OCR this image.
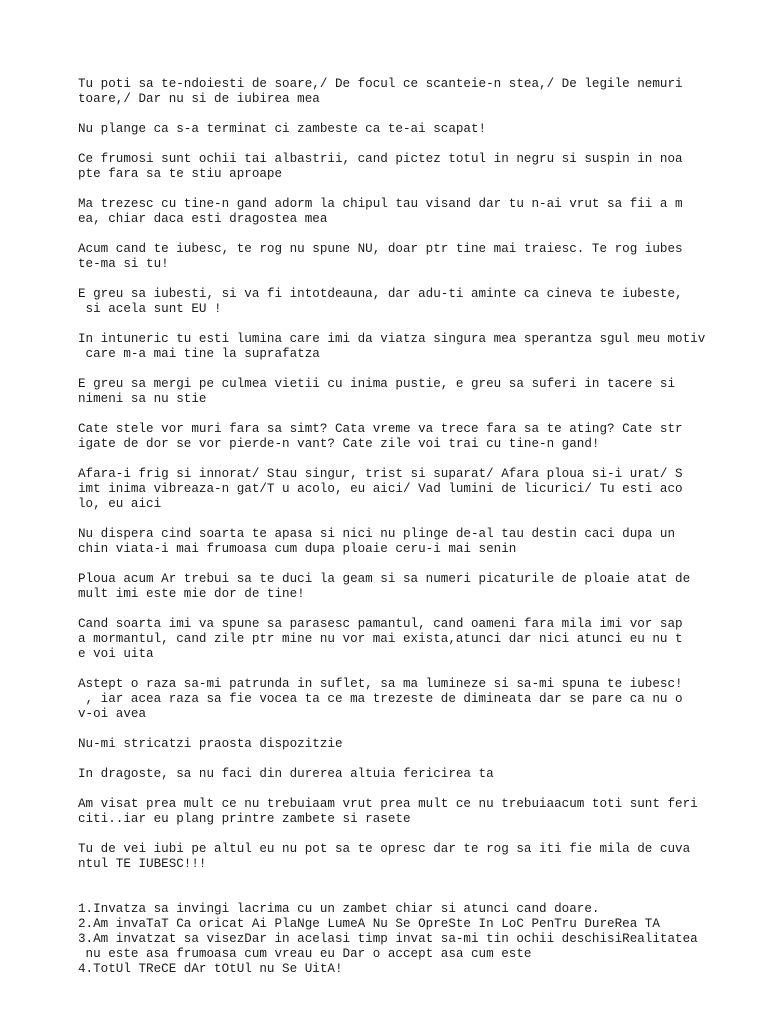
Tu poti sa te-ndoiesti de soare,/ De focul ce scanteie-n stea,/ De legile nemuri
toare,/ Dar nu si de iubirea mea
Nu plange ca s-a terminat ci zambeste ca te-ai scapat!
Ce frumosi sunt ochii tai albastrii, cand pictez totul in negru si suspin in noa
pte fara sa te stiu aproape
Ma trezesc cu tine-n gand adorm la chipul tau visand dar tu n-ai vrut sa fii a m
ea, chiar daca esti dragostea mea
Acum cand te iubesc, te rog nu spune NU, doar ptr tine mai traiesc. Te rog iubes
te-ma si tu!
E greu sa iubesti, si va fi intotdeauna, dar adu-ti aminte ca cineva te iubeste,
si acela sunt EU !
In intuneric tu esti lumina care imi da viatza singura mea sperantza sgul meu motiv
care m-a mai tine la suprafatza
E greu sa mergi pe culmea vietii cu inima pustie, e greu sa suferi in tacere si
nimeni sa nu stie
Cate stele vor muri fara sa simt? Cata vreme va trece fara sa te ating? Cate str
igate de dor se vor pierde-n vant? Cate zile voi trai cu tine-n gand!
Afara-i frig si innorat/ Stau singur, trist si suparat/ Afara ploua si-i urat/ S
imt inima vibreaza-n gat/T u acolo, eu aici/ Vad lumini de licurici/ Tu esti aco
lo, eu aici
Nu dispera cind soarta te apasa si nici nu plinge de-al tau destin caci dupa un
chin viata-i mai frumoasa cum dupa ploaie ceru-i mai senin
Ploua acum Ar trebui sa te duci la geam si sa numeri picaturile de ploaie atat de
mult imi este mie dor de tine!
Cand soarta imi va spune sa parasesc pamantul, cand oameni fara mila imi vor sap
a mormantul, cand zile ptr mine nu vor mai exista,atunci dar nici atunci eu nu t
e voi uita
Astept o raza sa-mi patrunda in suflet, sa ma lumineze si sa-mi spuna te iubesc!
, iar acea raza sa fie vocea ta ce ma trezeste de dimineata dar se pare ca nu o
v-oi avea
Nu-mi stricatzi praosta dispozitzie
In dragoste, sa nu faci din durerea altuia fericirea ta
Am visat prea mult ce nu trebuiaam vrut prea mult ce nu trebuiaacum toti sunt feri
citi..iar eu plang printre zambete si rasete
Tu de vei iubi pe altul eu nu pot sa te opresc dar te rog sa iti fie mila de cuva
ntul TE IUBESC!!!
1.Invatza sa invingi lacrima cu un zambet chiar si atunci cand doare.
2.Am invaTaT Ca oricat Ai PlaNge LumeA Nu Se OpreSte In LoC PenTru DureRea TA
3.Am invatzat sa visezDar in acelasi timp invat sa-mi tin ochii deschisiRealitatea
nu este asa frumoasa cum vreau eu Dar o accept asa cum este
4.TotUl TReCE dAr tOtUl nu Se UitA!
